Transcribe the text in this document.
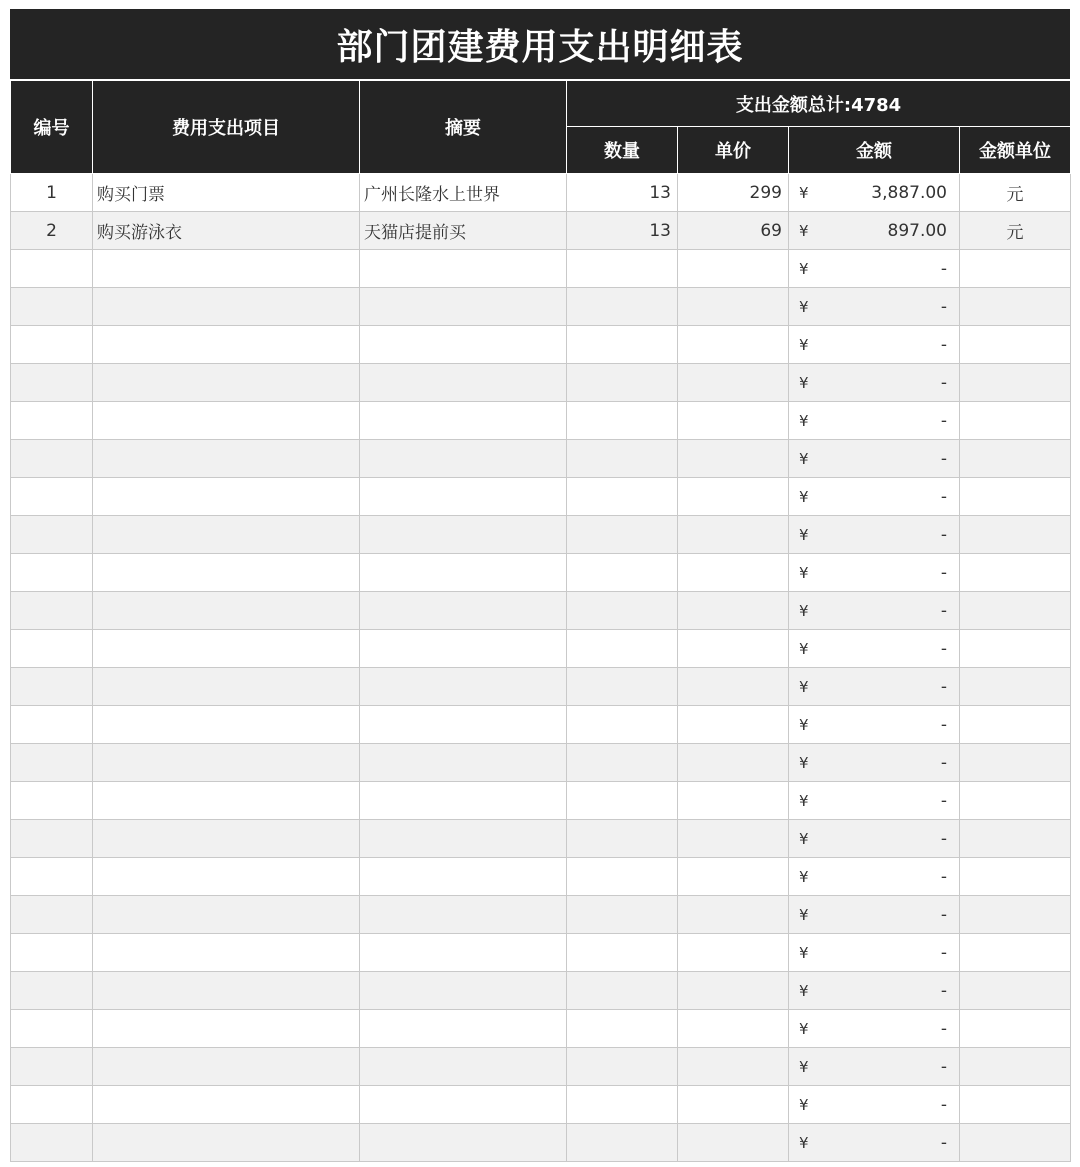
部门团建费用支出明细表
编号	费用支出项目	摘要	支出金额总计:4784			
			数量	单价	金额	金额单位
1	购买门票	广州长隆水上世界	13	299	¥ 3,887.00	元
2	购买游泳衣	天猫店提前买	13	69	¥ 897.00	元

					¥ -	

					¥ -	

					¥ -	

					¥ -	

					¥ -	

					¥ -	

					¥ -	

					¥ -	

					¥ -	

					¥ -	

					¥ -	

					¥ -	

					¥ -	

					¥ -	

					¥ -	

					¥ -	

					¥ -	

					¥ -	

					¥ -	

					¥ -	

					¥ -	

					¥ -	

					¥ -	

					¥ -	
